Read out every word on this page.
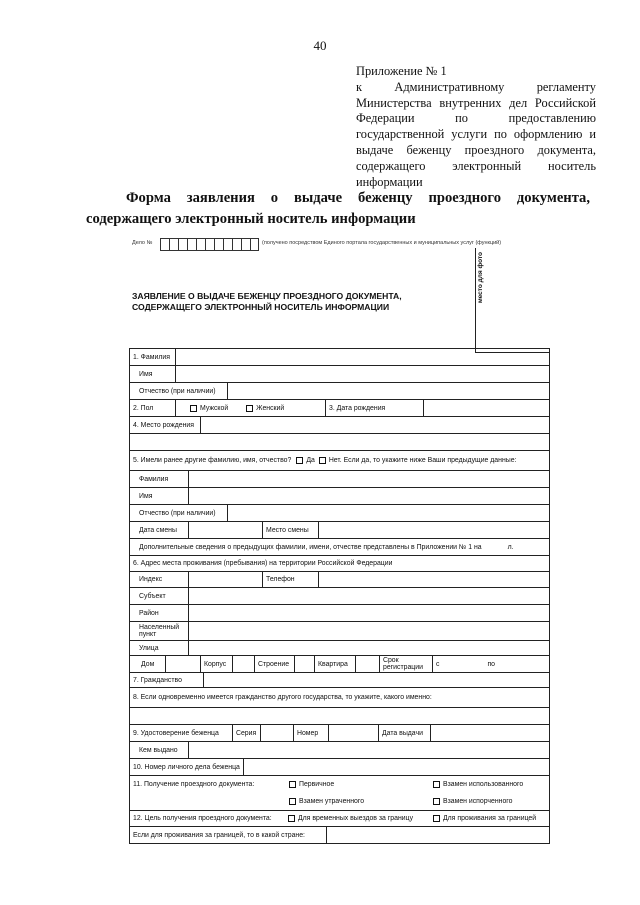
40
Приложение № 1
к Административному регламенту
Министерства внутренних дел Российской
Федерации по предоставлению
государственной услуги по оформлению и
выдаче беженцу проездного документа,
содержащего электронный носитель
информации
Форма заявления о выдаче беженцу проездного документа,
содержащего электронный носитель информации
Дело №	(получено посредством Единого портала государственных и муниципальных услуг (функций)
место для фото
ЗАЯВЛЕНИЕ О ВЫДАЧЕ БЕЖЕНЦУ ПРОЕЗДНОГО ДОКУМЕНТА,
СОДЕРЖАЩЕГО ЭЛЕКТРОННЫЙ НОСИТЕЛЬ ИНФОРМАЦИИ
1. Фамилия
Имя
Отчество (при наличии)
2. Пол	Мужской	Женский	3. Дата рождения
4. Место рождения
5. Имели ранее другие фамилию, имя, отчество? Да Нет. Если да, то укажите ниже Ваши предыдущие данные:
Фамилия
Имя
Отчество (при наличии)
Дата смены	Место смены
Дополнительные сведения о предыдущих фамилии, имени, отчестве представлены в Приложении № 1 на	л.
6. Адрес места проживания (пребывания) на территории Российской Федерации
Индекс	Телефон
Субъект
Район
Населенный пункт
Улица
Дом	Корпус	Строение	Квартира	Срок регистрации	с	по
7. Гражданство
8. Если одновременно имеется гражданство другого государства, то укажите, какого именно:
9. Удостоверение беженца	Серия	Номер	Дата выдачи
Кем выдано
10. Номер личного дела беженца
11. Получение проездного документа:	Первичное	Взамен использованного
Взамен утраченного	Взамен испорченного
12. Цель получения проездного документа:	Для временных выездов за границу	Для проживания за границей
Если для проживания за границей, то в какой стране:
